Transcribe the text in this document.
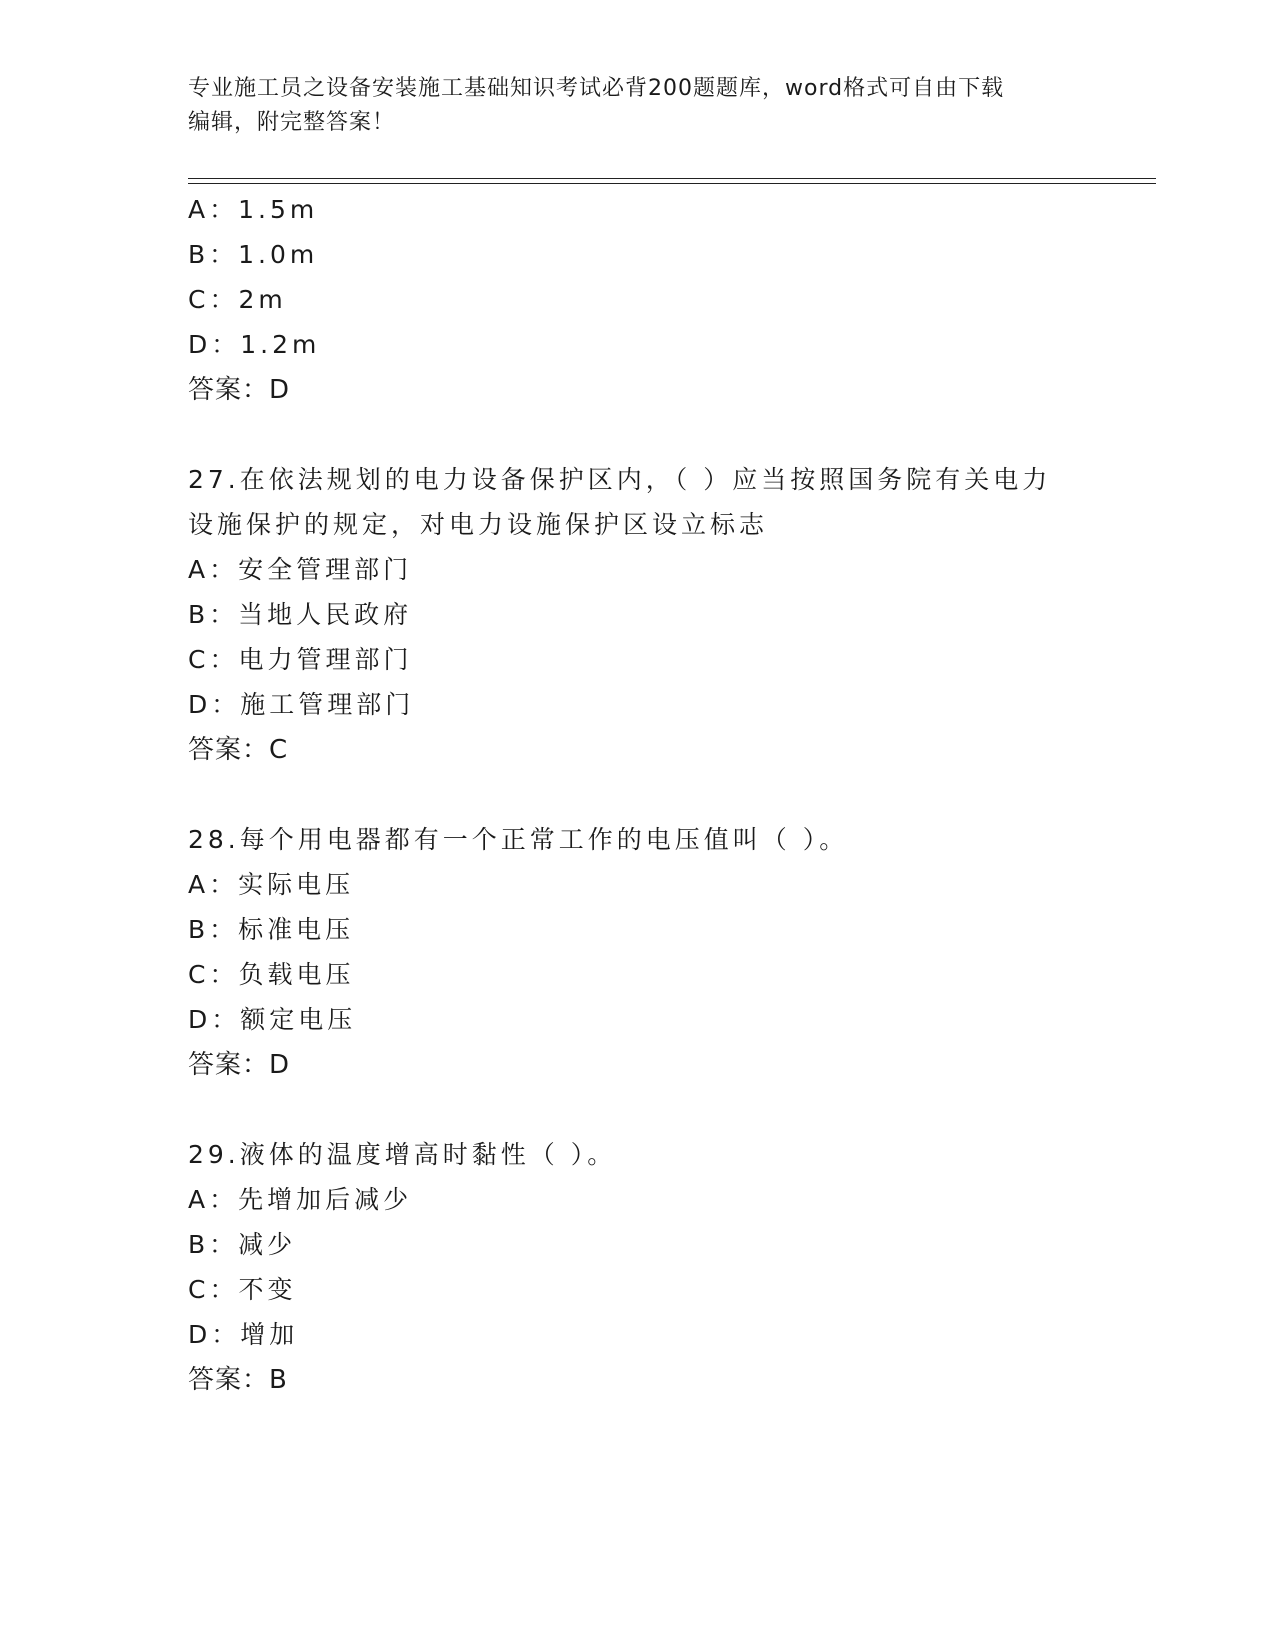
专业施工员之设备安装施工基础知识考试必背200题题库，word格式可自由下载
编辑，附完整答案！
A：1.5m
B：1.0m
C：2m
D：1.2m
答案：D
27.在依法规划的电力设备保护区内，（ ）应当按照国务院有关电力
设施保护的规定，对电力设施保护区设立标志
A：安全管理部门
B：当地人民政府
C：电力管理部门
D：施工管理部门
答案：C
28.每个用电器都有一个正常工作的电压值叫（ ）。
A：实际电压
B：标准电压
C：负载电压
D：额定电压
答案：D
29.液体的温度增高时黏性（ ）。
A：先增加后减少
B：减少
C：不变
D：增加
答案：B
